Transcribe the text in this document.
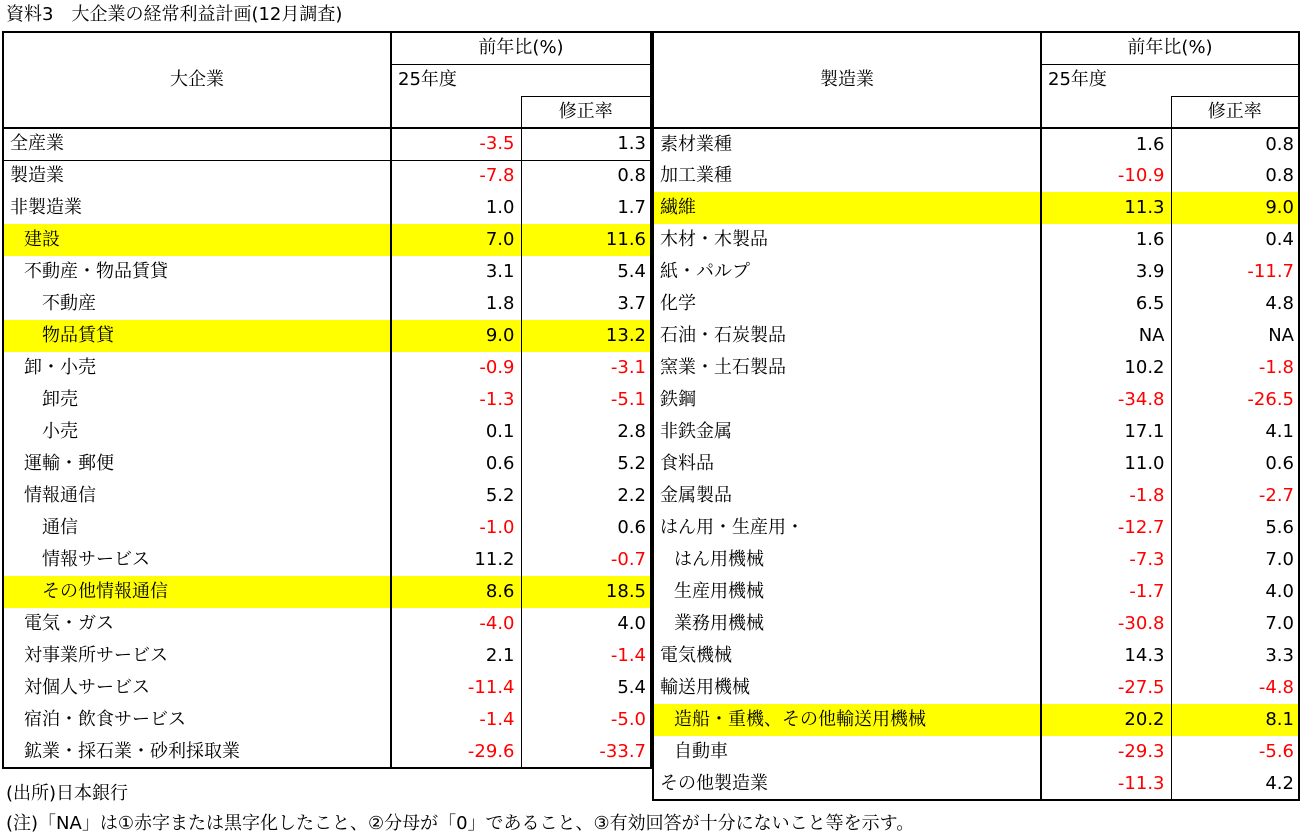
資料3　大企業の経常利益計画(12月調査)
大企業	前年比(%)	
	25年度	
		修正率
全産業	-3.5	1.3
製造業	-7.8	0.8
非製造業	1.0	1.7
建設	7.0	11.6
不動産・物品賃貸	3.1	5.4
不動産	1.8	3.7
物品賃貸	9.0	13.2
卸・小売	-0.9	-3.1
卸売	-1.3	-5.1
小売	0.1	2.8
運輸・郵便	0.6	5.2
情報通信	5.2	2.2
通信	-1.0	0.6
情報サービス	11.2	-0.7
その他情報通信	8.6	18.5
電気・ガス	-4.0	4.0
対事業所サービス	2.1	-1.4
対個人サービス	-11.4	5.4
宿泊・飲食サービス	-1.4	-5.0
鉱業・採石業・砂利採取業	-29.6	-33.7
製造業	前年比(%)	
	25年度	
		修正率
素材業種	1.6	0.8
加工業種	-10.9	0.8
繊維	11.3	9.0
木材・木製品	1.6	0.4
紙・パルプ	3.9	-11.7
化学	6.5	4.8
石油・石炭製品	NA	NA
窯業・土石製品	10.2	-1.8
鉄鋼	-34.8	-26.5
非鉄金属	17.1	4.1
食料品	11.0	0.6
金属製品	-1.8	-2.7
はん用・生産用・	-12.7	5.6
はん用機械	-7.3	7.0
生産用機械	-1.7	4.0
業務用機械	-30.8	7.0
電気機械	14.3	3.3
輸送用機械	-27.5	-4.8
造船・重機、その他輸送用機械	20.2	8.1
自動車	-29.3	-5.6
その他製造業	-11.3	4.2
(出所)日本銀行
(注)「NA」は①赤字または黒字化したこと、②分母が「0」であること、③有効回答が十分にないこと等を示す。
